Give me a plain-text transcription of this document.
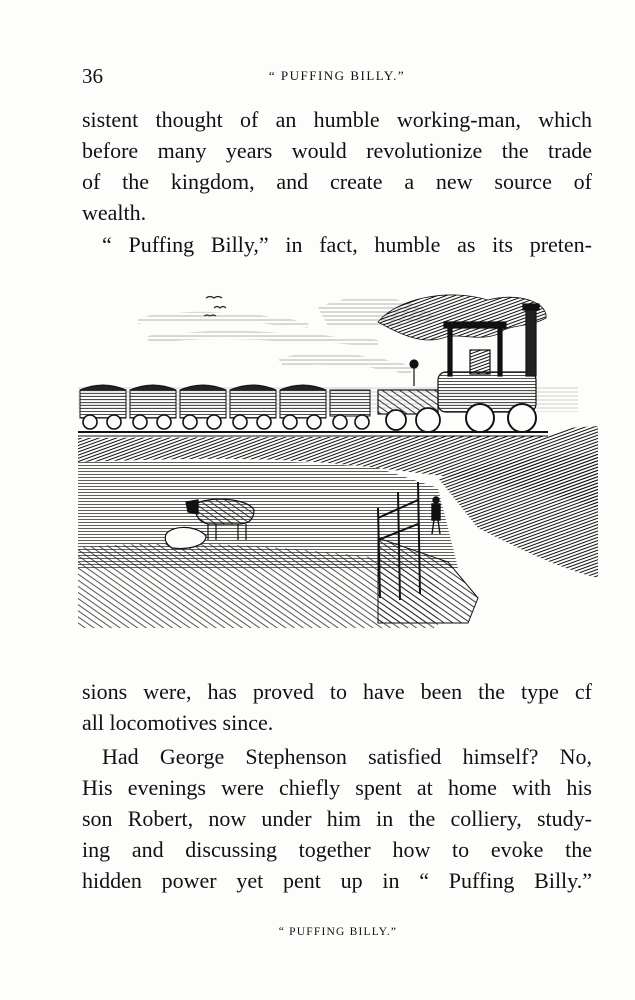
36	“ PUFFING BILLY.”
sistent thought of an humble working-man, which
before many years would revolutionize the trade
of the kingdom, and create a new source of
wealth.
“ Puffing Billy,” in fact, humble as its preten-
“ PUFFING BILLY.”
sions were, has proved to have been the type cf
all locomotives since.
Had George Stephenson satisfied himself? No,
His evenings were chiefly spent at home with his
son Robert, now under him in the colliery, study-
ing and discussing together how to evoke the
hidden power yet pent up in “ Puffing Billy.”
